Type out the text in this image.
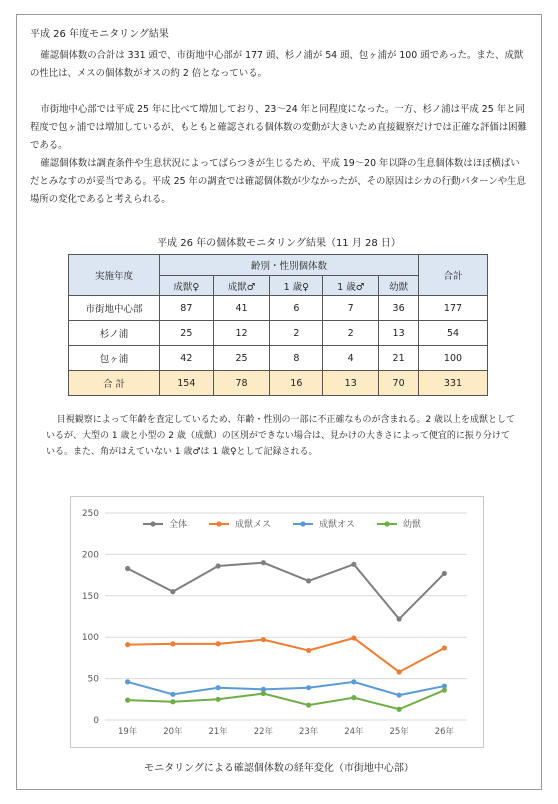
平成 26 年度モニタリング結果

確認個体数の合計は 331 頭で、市街地中心部が 177 頭、杉ノ浦が 54 頭、包ヶ浦が 100 頭であった。また、成獣の性比は、メスの個体数がオスの約 2 倍となっている。

市街地中心部では平成 25 年に比べて増加しており、23～24 年と同程度になった。一方、杉ノ浦は平成 25 年と同程度で包ヶ浦では増加しているが、もともと確認される個体数の変動が大きいため直接観察だけでは正確な評価は困難である。

確認個体数は調査条件や生息状況によってばらつきが生じるため、平成 19～20 年以降の生息個体数はほぼ横ばいだとみなすのが妥当である。平成 25 年の調査では確認個体数が少なかったが、その原因はシカの行動パターンや生息場所の変化であると考えられる。

平成 26 年の個体数モニタリング結果（11 月 28 日）
実施年度	齢別・性別個体数					合計
	成獣♀	成獣♂	1 歳♀	1 歳♂	幼獣	
市街地中心部	87	41	6	7	36	177
杉ノ浦	25	12	2	2	13	54
包ヶ浦	42	25	8	4	21	100
合 計	154	78	16	13	70	331

目視観察によって年齢を査定しているため、年齢・性別の一部に不正確なものが含まれる。2 歳以上を成獣としているが、大型の 1 歳と小型の 2 歳（成獣）の区別ができない場合は、見かけの大きさによって便宜的に振り分けている。また、角がはえていない 1 歳♂は 1 歳♀として記録される。

0
50
100
150
200
250
19年	20年	21年	22年	23年	24年	25年	26年
全体	成獣メス	成獣オス	幼獣
モニタリングによる確認個体数の経年変化（市街地中心部）
